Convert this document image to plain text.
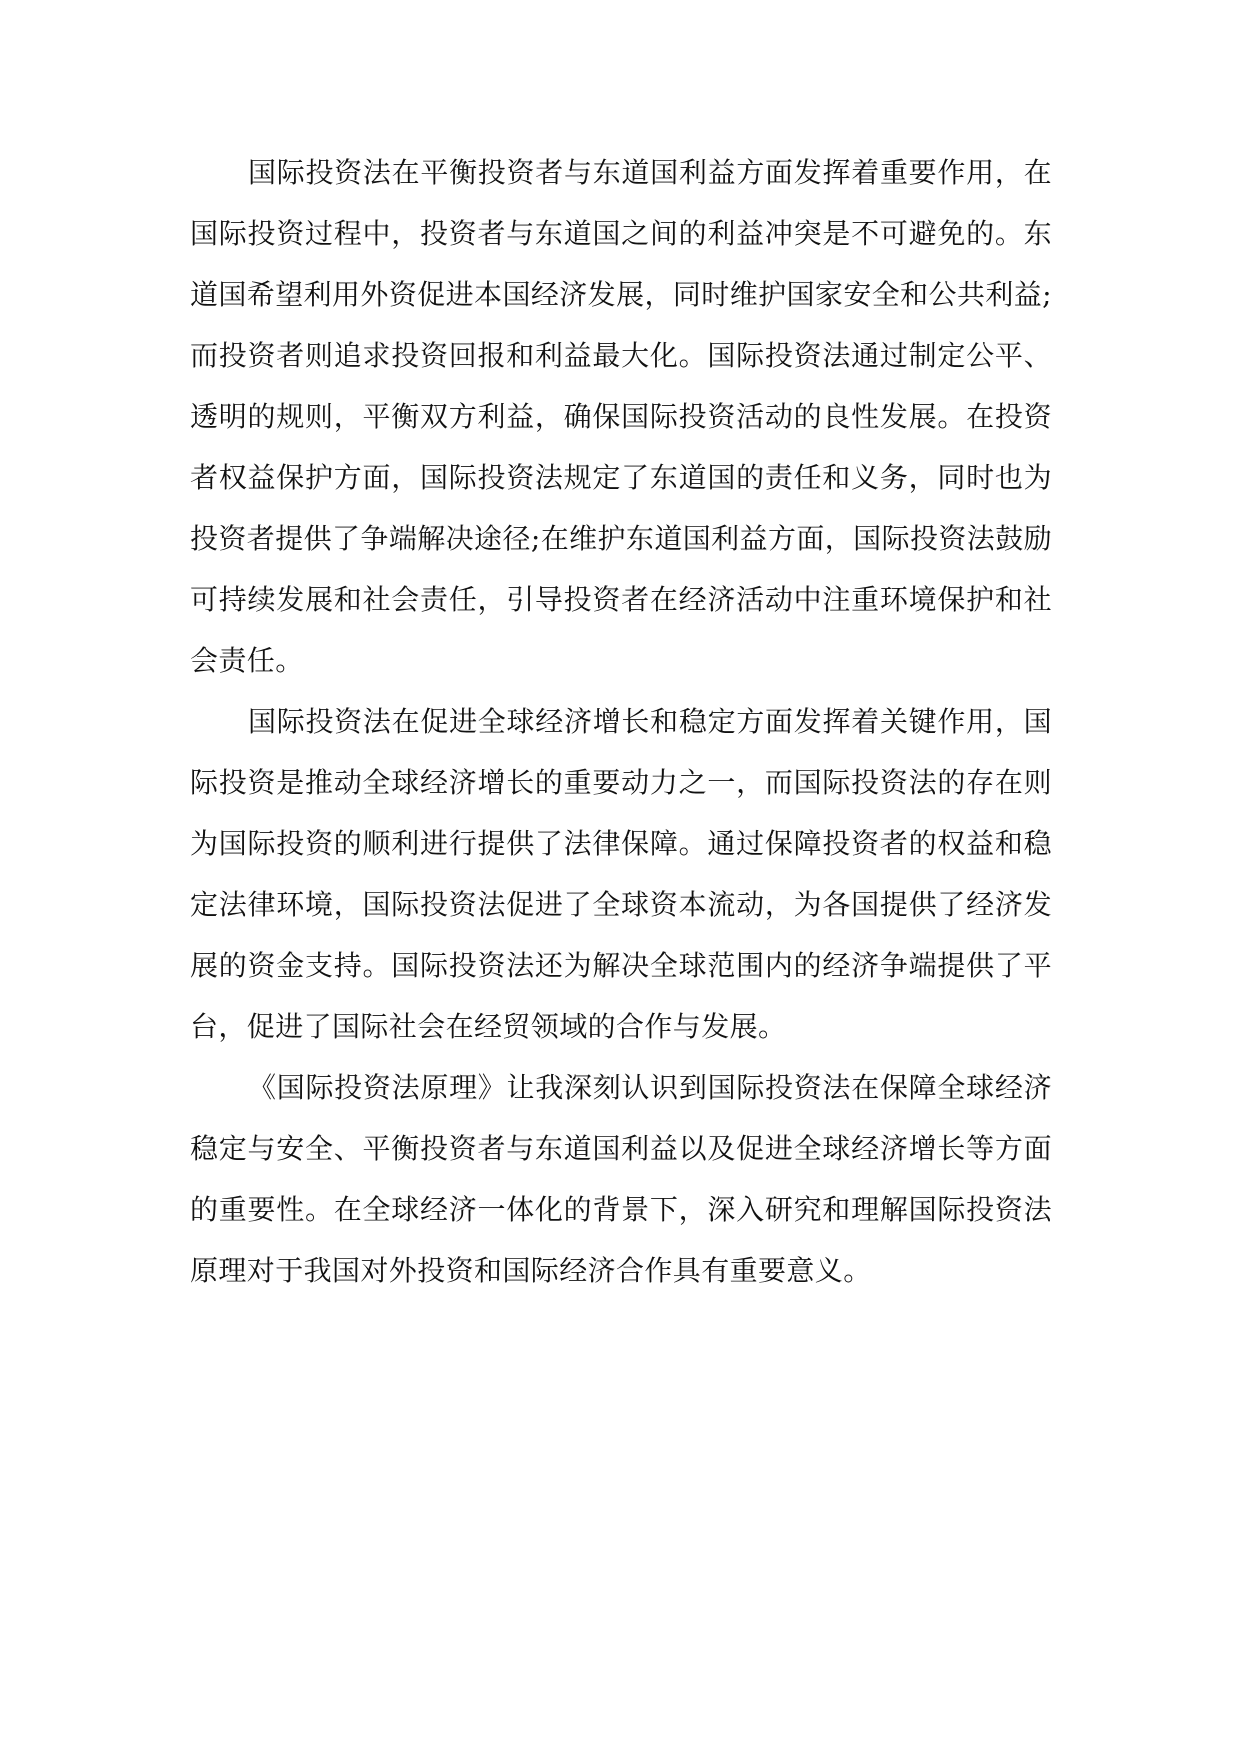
国际投资法在平衡投资者与东道国利益方面发挥着重要作用，在国际投资过程中，投资者与东道国之间的利益冲突是不可避免的。东道国希望利用外资促进本国经济发展，同时维护国家安全和公共利益;而投资者则追求投资回报和利益最大化。国际投资法通过制定公平、透明的规则，平衡双方利益，确保国际投资活动的良性发展。在投资者权益保护方面，国际投资法规定了东道国的责任和义务，同时也为投资者提供了争端解决途径;在维护东道国利益方面，国际投资法鼓励可持续发展和社会责任，引导投资者在经济活动中注重环境保护和社会责任。

国际投资法在促进全球经济增长和稳定方面发挥着关键作用，国际投资是推动全球经济增长的重要动力之一，而国际投资法的存在则为国际投资的顺利进行提供了法律保障。通过保障投资者的权益和稳定法律环境，国际投资法促进了全球资本流动，为各国提供了经济发展的资金支持。国际投资法还为解决全球范围内的经济争端提供了平台，促进了国际社会在经贸领域的合作与发展。

《国际投资法原理》让我深刻认识到国际投资法在保障全球经济稳定与安全、平衡投资者与东道国利益以及促进全球经济增长等方面的重要性。在全球经济一体化的背景下，深入研究和理解国际投资法原理对于我国对外投资和国际经济合作具有重要意义。
